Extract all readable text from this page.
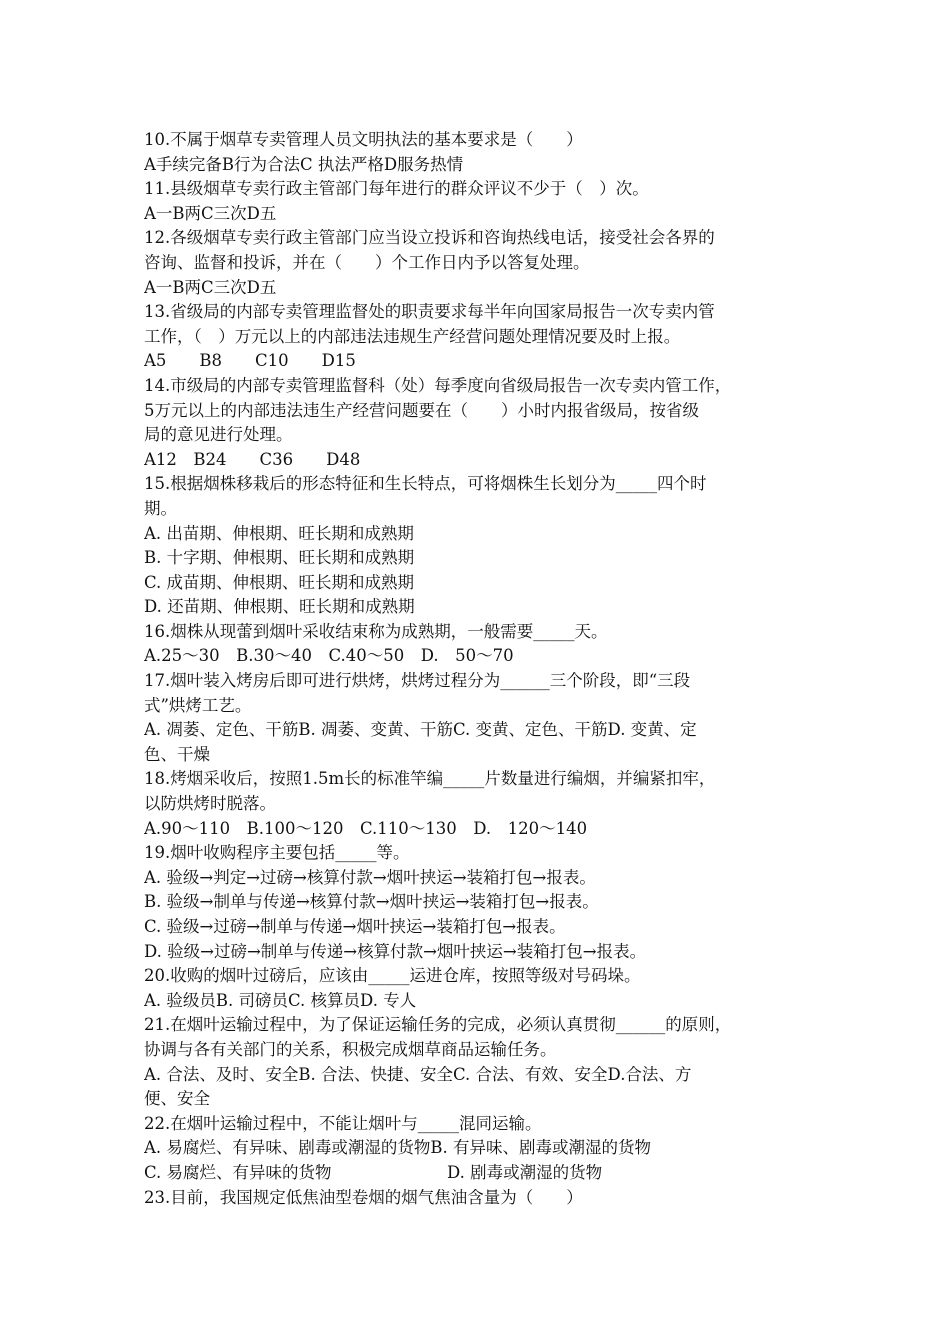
10.不属于烟草专卖管理人员文明执法的基本要求是（　　）
A手续完备B行为合法C 执法严格D服务热情
11.县级烟草专卖行政主管部门每年进行的群众评议不少于（　）次。
A一B两C三次D五
12.各级烟草专卖行政主管部门应当设立投诉和咨询热线电话，接受社会各界的
咨询、监督和投诉，并在（　　）个工作日内予以答复处理。
A一B两C三次D五
13.省级局的内部专卖管理监督处的职责要求每半年向国家局报告一次专卖内管
工作，（　）万元以上的内部违法违规生产经营问题处理情况要及时上报。
A5　　B8　　C10　　D15
14.市级局的内部专卖管理监督科（处）每季度向省级局报告一次专卖内管工作，
5万元以上的内部违法违生产经营问题要在（　　）小时内报省级局，按省级
局的意见进行处理。
A12　B24　　C36　　D48
15.根据烟株移栽后的形态特征和生长特点，可将烟株生长划分为_____四个时
期。
A. 出苗期、伸根期、旺长期和成熟期
B. 十字期、伸根期、旺长期和成熟期
C. 成苗期、伸根期、旺长期和成熟期
D. 还苗期、伸根期、旺长期和成熟期
16.烟株从现蕾到烟叶采收结束称为成熟期，一般需要_____天。
A.25～30　B.30～40　C.40～50　D.　50～70
17.烟叶装入烤房后即可进行烘烤，烘烤过程分为______三个阶段，即“三段
式”烘烤工艺。
A. 凋萎、定色、干筋B. 凋萎、变黄、干筋C. 变黄、定色、干筋D. 变黄、定
色、干燥
18.烤烟采收后，按照1.5m长的标准竿编_____片数量进行编烟，并编紧扣牢，
以防烘烤时脱落。
A.90～110　B.100～120　C.110～130　D.　120～140
19.烟叶收购程序主要包括_____等。
A. 验级→判定→过磅→核算付款→烟叶挟运→装箱打包→报表。
B. 验级→制单与传递→核算付款→烟叶挟运→装箱打包→报表。
C. 验级→过磅→制单与传递→烟叶挟运→装箱打包→报表。
D. 验级→过磅→制单与传递→核算付款→烟叶挟运→装箱打包→报表。
20.收购的烟叶过磅后，应该由_____运进仓库，按照等级对号码垛。
A. 验级员B. 司磅员C. 核算员D. 专人
21.在烟叶运输过程中，为了保证运输任务的完成，必须认真贯彻______的原则，
协调与各有关部门的关系，积极完成烟草商品运输任务。
A. 合法、及时、安全B. 合法、快捷、安全C. 合法、有效、安全D.合法、方
便、安全
22.在烟叶运输过程中，不能让烟叶与_____混同运输。
A. 易腐烂、有异味、剧毒或潮湿的货物B. 有异味、剧毒或潮湿的货物
C. 易腐烂、有异味的货物　　　　　　　D. 剧毒或潮湿的货物
23.目前，我国规定低焦油型卷烟的烟气焦油含量为（　　）
